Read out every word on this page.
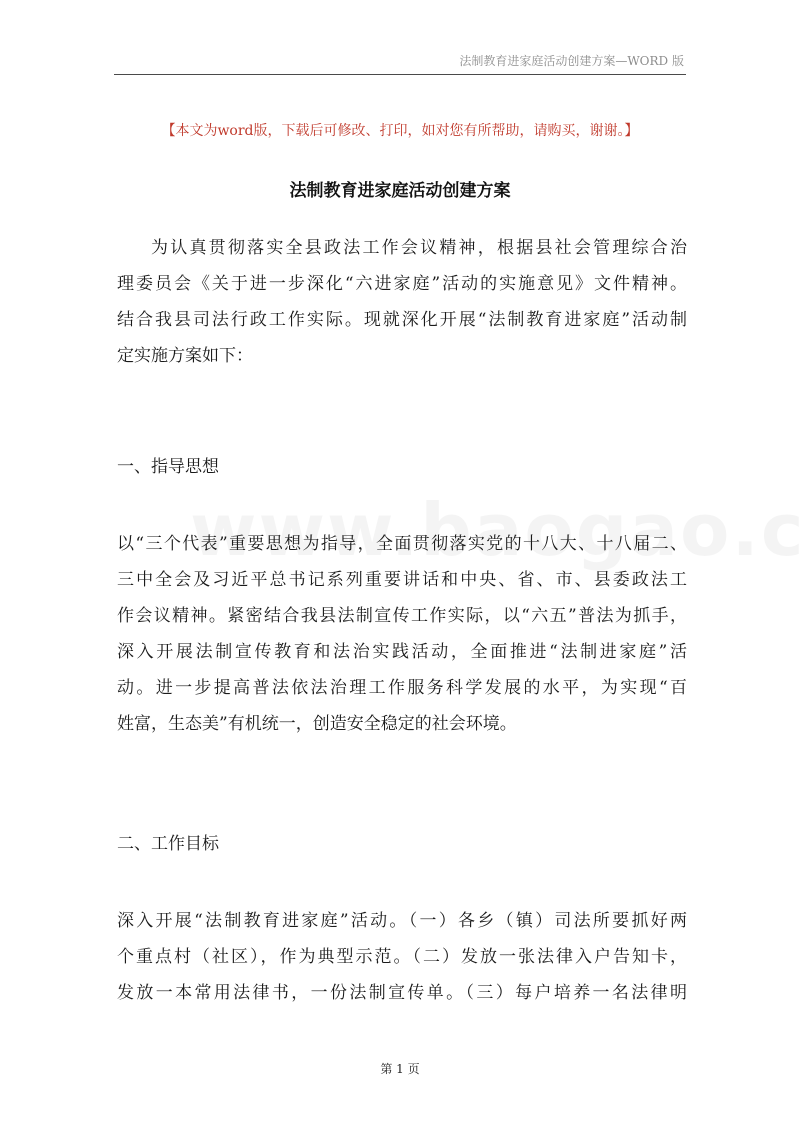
法制教育进家庭活动创建方案—WORD 版
【本文为word版，下载后可修改、打印，如对您有所帮助，请购买，谢谢。】
法制教育进家庭活动创建方案
为认真贯彻落实全县政法工作会议精神，根据县社会管理综合治
理委员会《关于进一步深化“六进家庭”活动的实施意见》文件精神。
结合我县司法行政工作实际。现就深化开展“法制教育进家庭”活动制
定实施方案如下：
一、指导思想
以“三个代表”重要思想为指导，全面贯彻落实党的十八大、十八届二、
三中全会及习近平总书记系列重要讲话和中央、省、市、县委政法工
作会议精神。紧密结合我县法制宣传工作实际，以“六五”普法为抓手，
深入开展法制宣传教育和法治实践活动，全面推进“法制进家庭”活
动。进一步提高普法依法治理工作服务科学发展的水平，为实现“百
姓富，生态美”有机统一，创造安全稳定的社会环境。
二、工作目标
深入开展“法制教育进家庭”活动。（一）各乡（镇）司法所要抓好两
个重点村（社区），作为典型示范。（二）发放一张法律入户告知卡，
发放一本常用法律书，一份法制宣传单。（三）每户培养一名法律明
第 1 页
